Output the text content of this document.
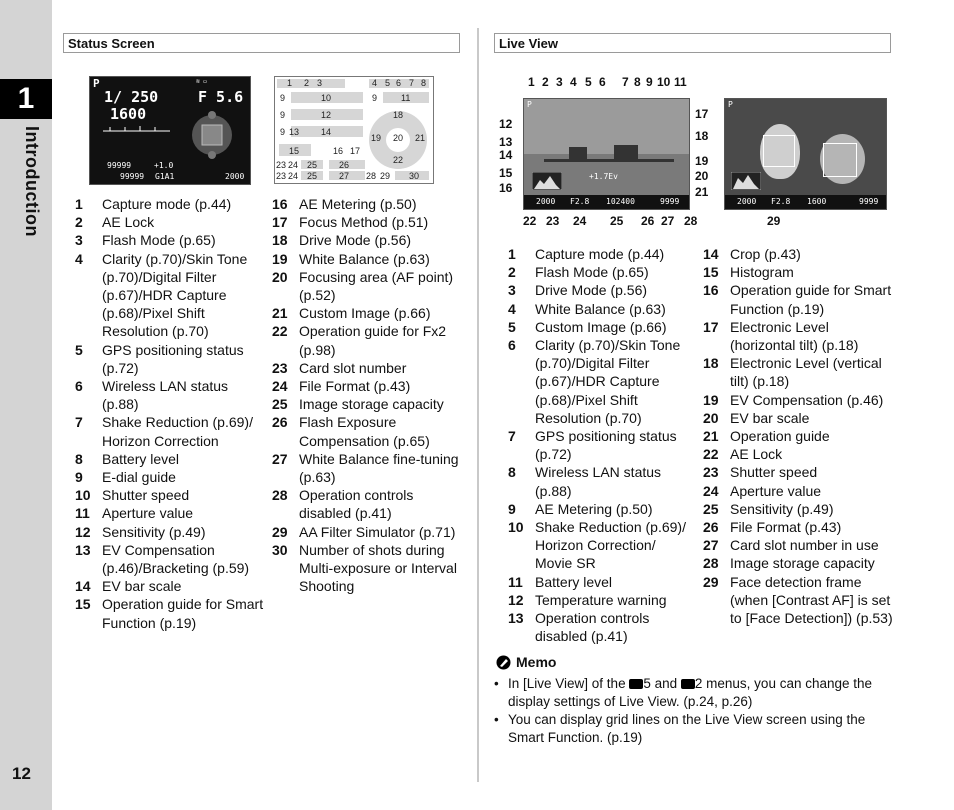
1
Introduction
12
Status Screen
P	≋ ▭
1/ 250	F 5.6
1600
99999	+1.0
99999 G1A1	2000
1 2 3	4 5 6 7 8
9	10	9	11
9	12	18
9	14
13
19 20 21
15	16 17
22
23 24 25 26
23 24 25 27 28 29 30
1 Capture mode (p.44)
2 AE Lock
3 Flash Mode (p.65)
4 Clarity (p.70)/Skin Tone (p.70)/Digital Filter (p.67)/HDR Capture (p.68)/Pixel Shift Resolution (p.70)
5 GPS positioning status (p.72)
6 Wireless LAN status (p.88)
7 Shake Reduction (p.69)/ Horizon Correction
8 Battery level
9 E-dial guide
10 Shutter speed
11 Aperture value
12 Sensitivity (p.49)
13 EV Compensation (p.46)/Bracketing (p.59)
14 EV bar scale
15 Operation guide for Smart Function (p.19)
16 AE Metering (p.50)
17 Focus Method (p.51)
18 Drive Mode (p.56)
19 White Balance (p.63)
20 Focusing area (AF point) (p.52)
21 Custom Image (p.66)
22 Operation guide for Fx2 (p.98)
23 Card slot number
24 File Format (p.43)
25 Image storage capacity
26 Flash Exposure Compensation (p.65)
27 White Balance fine-tuning (p.63)
28 Operation controls disabled (p.41)
29 AA Filter Simulator (p.71)
30 Number of shots during Multi-exposure or Interval Shooting
Live View
1 2 3 4 5 6 7 8 9 10 11
12
13
14
15
16
17
18
19
20
21
P
+1.7Ev
2000 F2.8 102400	9999
P
2000 F2.8 1600	9999
22 23 24 25 26 27 28	29
1 Capture mode (p.44)
2 Flash Mode (p.65)
3 Drive Mode (p.56)
4 White Balance (p.63)
5 Custom Image (p.66)
6 Clarity (p.70)/Skin Tone (p.70)/Digital Filter (p.67)/HDR Capture (p.68)/Pixel Shift Resolution (p.70)
7 GPS positioning status (p.72)
8 Wireless LAN status (p.88)
9 AE Metering (p.50)
10 Shake Reduction (p.69)/ Horizon Correction/ Movie SR
11 Battery level
12 Temperature warning
13 Operation controls disabled (p.41)
14 Crop (p.43)
15 Histogram
16 Operation guide for Smart Function (p.19)
17 Electronic Level (horizontal tilt) (p.18)
18 Electronic Level (vertical tilt) (p.18)
19 EV Compensation (p.46)
20 EV bar scale
21 Operation guide
22 AE Lock
23 Shutter speed
24 Aperture value
25 Sensitivity (p.49)
26 File Format (p.43)
27 Card slot number in use
28 Image storage capacity
29 Face detection frame (when [Contrast AF] is set to [Face Detection]) (p.53)
Memo
• In [Live View] of the 5 and 2 menus, you can change the
display settings of Live View. (p.24, p.26)
• You can display grid lines on the Live View screen using the
Smart Function. (p.19)
